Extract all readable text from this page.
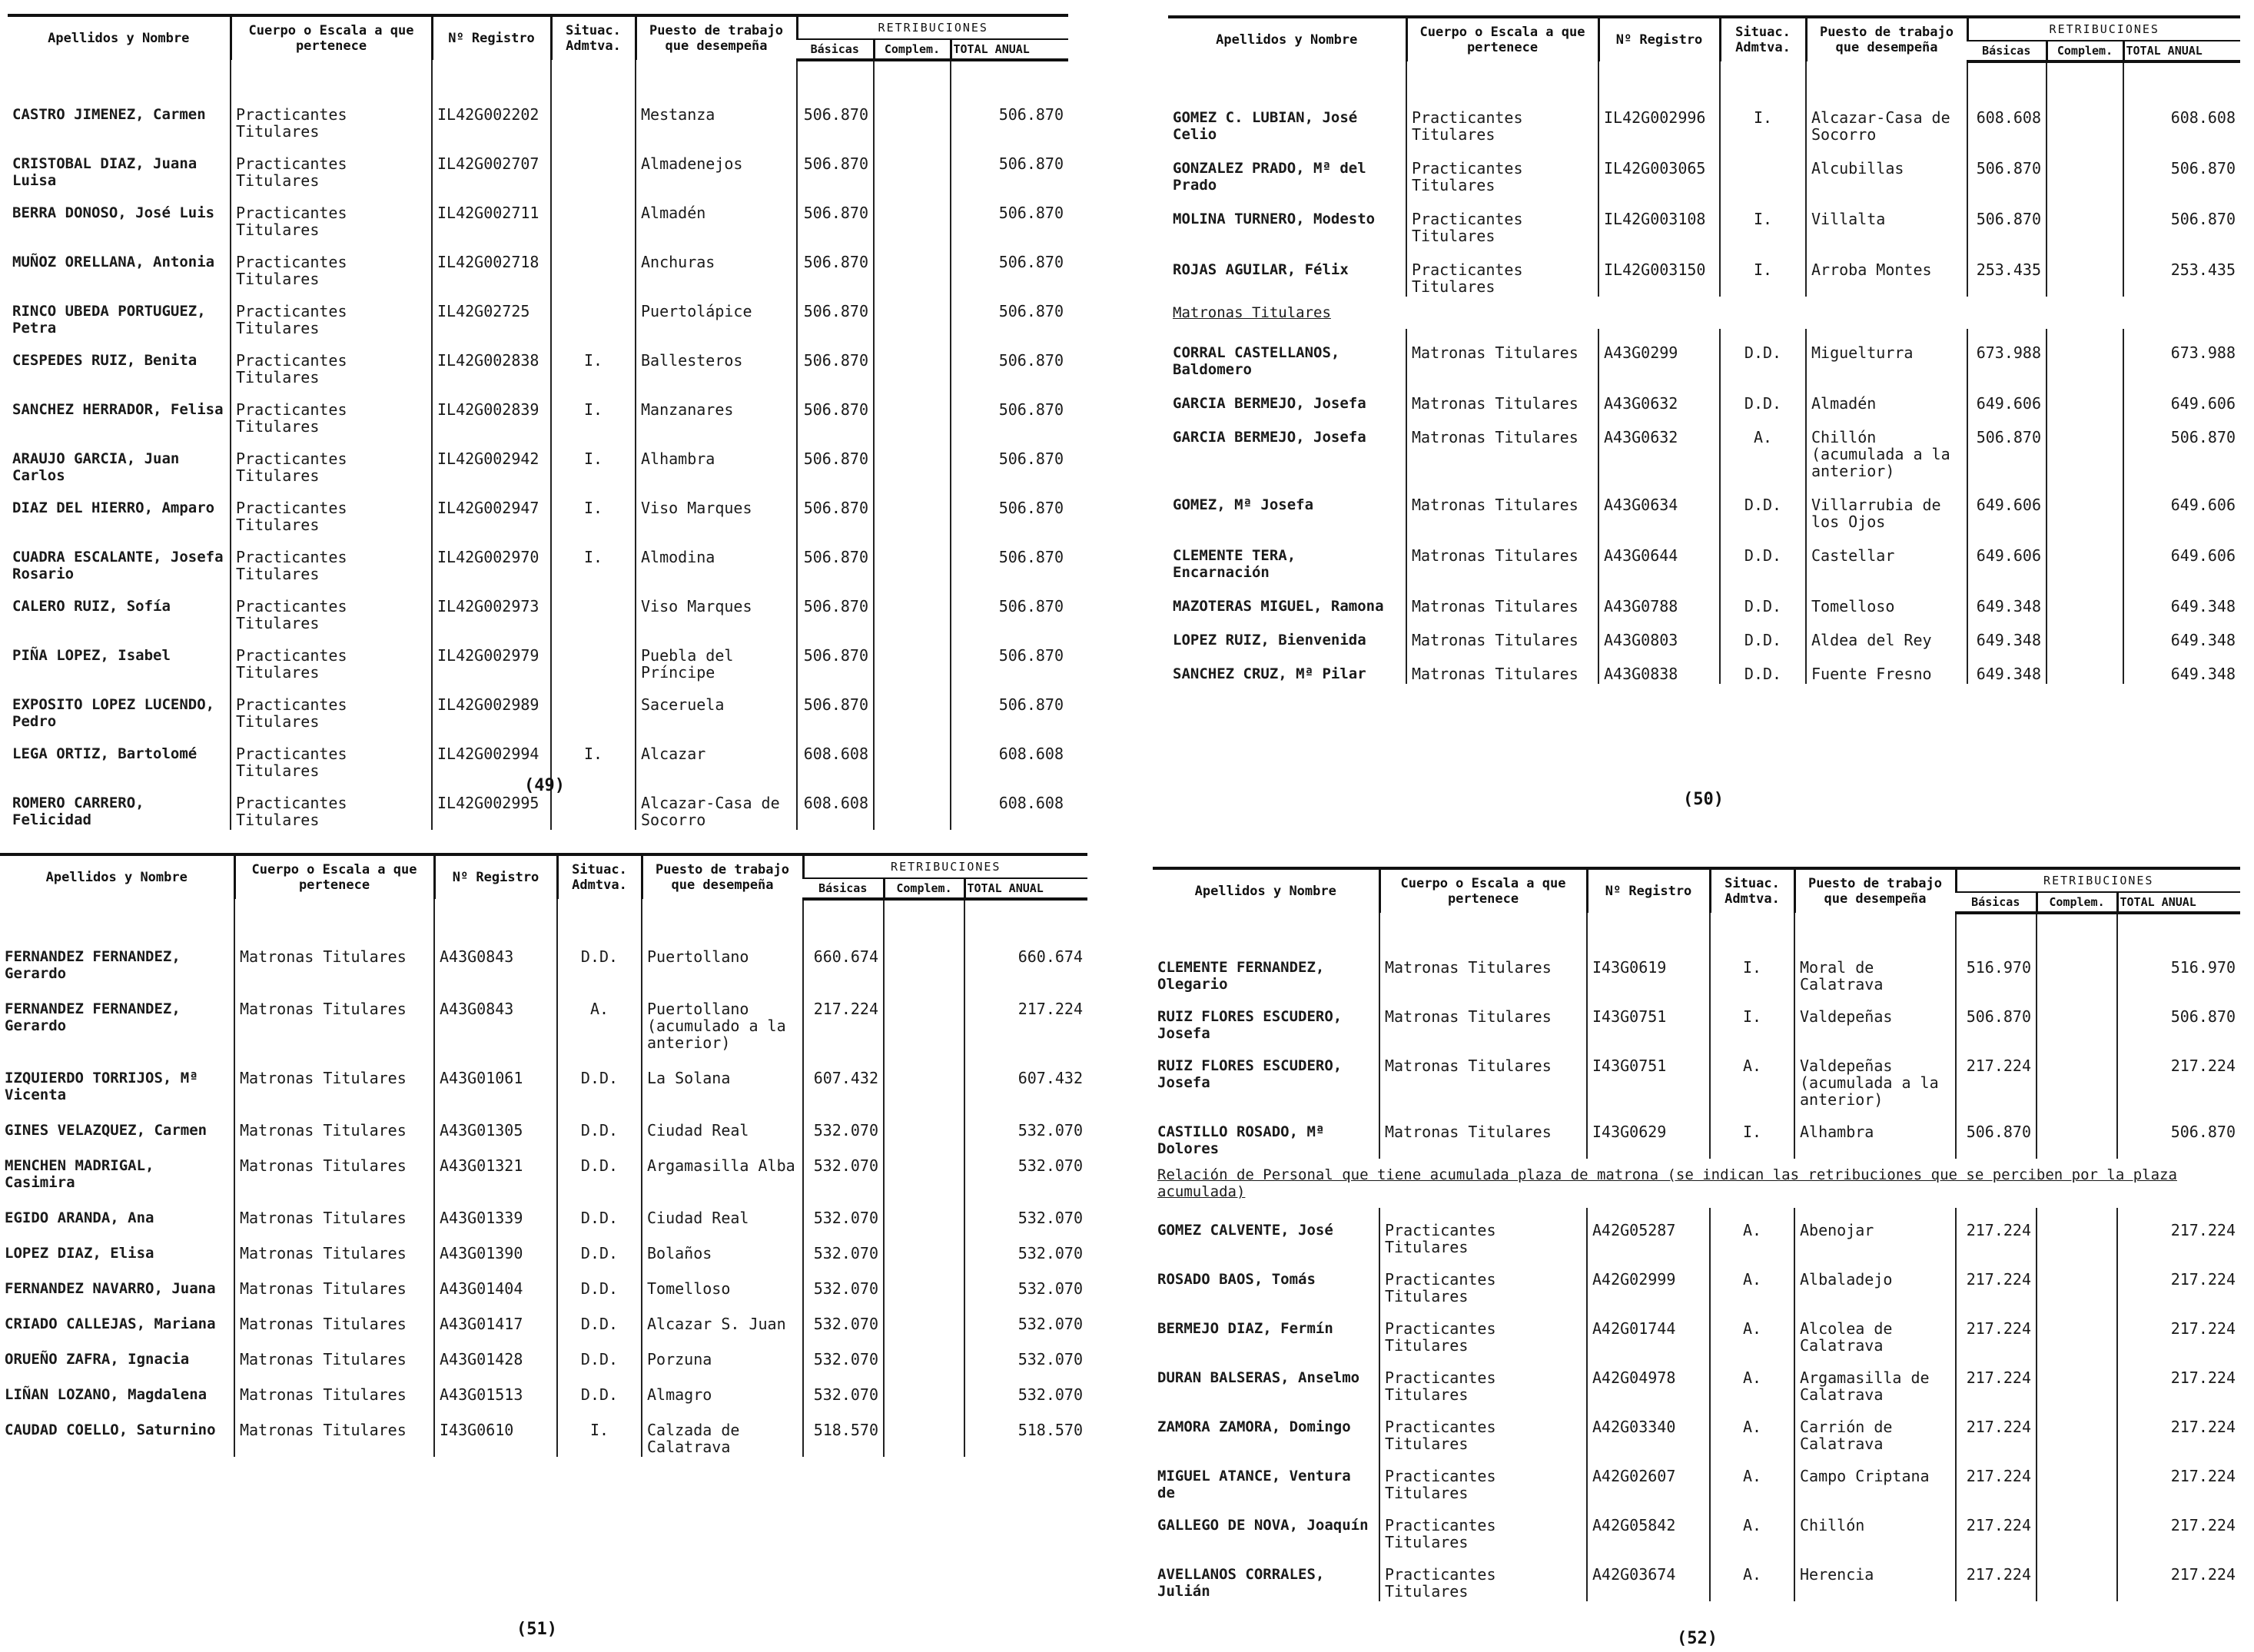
Apellidos y Nombre	Cuerpo o Escala a que pertenece	Nº Registro	Situac. Admtva.	Puesto de trabajo que desempeña	RETRIBUCIONES		
					Básicas	Complem.	TOTAL ANUAL

CASTRO JIMENEZ, Carmen	Practicantes Titulares	IL42G002202		Mestanza	506.870		506.870
CRISTOBAL DIAZ, Juana Luisa	Practicantes Titulares	IL42G002707		Almadenejos	506.870		506.870
BERRA DONOSO, José Luis	Practicantes Titulares	IL42G002711		Almadén	506.870		506.870
MUÑOZ ORELLANA, Antonia	Practicantes Titulares	IL42G002718		Anchuras	506.870		506.870
RINCO UBEDA PORTUGUEZ, Petra	Practicantes Titulares	IL42G02725		Puertolápice	506.870		506.870
CESPEDES RUIZ, Benita	Practicantes Titulares	IL42G002838	I.	Ballesteros	506.870		506.870
SANCHEZ HERRADOR, Felisa	Practicantes Titulares	IL42G002839	I.	Manzanares	506.870		506.870
ARAUJO GARCIA, Juan Carlos	Practicantes Titulares	IL42G002942	I.	Alhambra	506.870		506.870
DIAZ DEL HIERRO, Amparo	Practicantes Titulares	IL42G002947	I.	Viso Marques	506.870		506.870
CUADRA ESCALANTE, Josefa Rosario	Practicantes Titulares	IL42G002970	I.	Almodina	506.870		506.870
CALERO RUIZ, Sofía	Practicantes Titulares	IL42G002973		Viso Marques	506.870		506.870
PIÑA LOPEZ, Isabel	Practicantes Titulares	IL42G002979		Puebla del Príncipe	506.870		506.870
EXPOSITO LOPEZ LUCENDO, Pedro	Practicantes Titulares	IL42G002989		Saceruela	506.870		506.870
LEGA ORTIZ, Bartolomé	Practicantes Titulares	IL42G002994	I.	Alcazar	608.608		608.608
ROMERO CARRERO, Felicidad	Practicantes Titulares	IL42G002995		Alcazar-Casa de Socorro	608.608		608.608
(49)
Apellidos y Nombre	Cuerpo o Escala a que pertenece	Nº Registro	Situac. Admtva.	Puesto de trabajo que desempeña	RETRIBUCIONES		
					Básicas	Complem.	TOTAL ANUAL

GOMEZ C. LUBIAN, José Celio	Practicantes Titulares	IL42G002996	I.	Alcazar-Casa de Socorro	608.608		608.608
GONZALEZ PRADO, Mª del Prado	Practicantes Titulares	IL42G003065		Alcubillas	506.870		506.870
MOLINA TURNERO, Modesto	Practicantes Titulares	IL42G003108	I.	Villalta	506.870		506.870
ROJAS AGUILAR, Félix	Practicantes Titulares	IL42G003150	I.	Arroba Montes	253.435		253.435
Matronas Titulares							
CORRAL CASTELLANOS, Baldomero	Matronas Titulares	A43G0299	D.D.	Miguelturra	673.988		673.988
GARCIA BERMEJO, Josefa	Matronas Titulares	A43G0632	D.D.	Almadén	649.606		649.606
GARCIA BERMEJO, Josefa	Matronas Titulares	A43G0632	A.	Chillón (acumulada a la anterior)	506.870		506.870
GOMEZ, Mª Josefa	Matronas Titulares	A43G0634	D.D.	Villarrubia de los Ojos	649.606		649.606
CLEMENTE TERA, Encarnación	Matronas Titulares	A43G0644	D.D.	Castellar	649.606		649.606
MAZOTERAS MIGUEL, Ramona	Matronas Titulares	A43G0788	D.D.	Tomelloso	649.348		649.348
LOPEZ RUIZ, Bienvenida	Matronas Titulares	A43G0803	D.D.	Aldea del Rey	649.348		649.348
SANCHEZ CRUZ, Mª Pilar	Matronas Titulares	A43G0838	D.D.	Fuente Fresno	649.348		649.348
(50)
Apellidos y Nombre	Cuerpo o Escala a que pertenece	Nº Registro	Situac. Admtva.	Puesto de trabajo que desempeña	RETRIBUCIONES		
					Básicas	Complem.	TOTAL ANUAL

FERNANDEZ FERNANDEZ, Gerardo	Matronas Titulares	A43G0843	D.D.	Puertollano	660.674		660.674
FERNANDEZ FERNANDEZ, Gerardo	Matronas Titulares	A43G0843	A.	Puertollano (acumulado a la anterior)	217.224		217.224
IZQUIERDO TORRIJOS, Mª Vicenta	Matronas Titulares	A43G01061	D.D.	La Solana	607.432		607.432
GINES VELAZQUEZ, Carmen	Matronas Titulares	A43G01305	D.D.	Ciudad Real	532.070		532.070
MENCHEN MADRIGAL, Casimira	Matronas Titulares	A43G01321	D.D.	Argamasilla Alba	532.070		532.070
EGIDO ARANDA, Ana	Matronas Titulares	A43G01339	D.D.	Ciudad Real	532.070		532.070
LOPEZ DIAZ, Elisa	Matronas Titulares	A43G01390	D.D.	Bolaños	532.070		532.070
FERNANDEZ NAVARRO, Juana	Matronas Titulares	A43G01404	D.D.	Tomelloso	532.070		532.070
CRIADO CALLEJAS, Mariana	Matronas Titulares	A43G01417	D.D.	Alcazar S. Juan	532.070		532.070
ORUEÑO ZAFRA, Ignacia	Matronas Titulares	A43G01428	D.D.	Porzuna	532.070		532.070
LIÑAN LOZANO, Magdalena	Matronas Titulares	A43G01513	D.D.	Almagro	532.070		532.070
CAUDAD COELLO, Saturnino	Matronas Titulares	I43G0610	I.	Calzada de Calatrava	518.570		518.570
(51)
Apellidos y Nombre	Cuerpo o Escala a que pertenece	Nº Registro	Situac. Admtva.	Puesto de trabajo que desempeña	RETRIBUCIONES		
					Básicas	Complem.	TOTAL ANUAL

CLEMENTE FERNANDEZ, Olegario	Matronas Titulares	I43G0619	I.	Moral de Calatrava	516.970		516.970
RUIZ FLORES ESCUDERO, Josefa	Matronas Titulares	I43G0751	I.	Valdepeñas	506.870		506.870
RUIZ FLORES ESCUDERO, Josefa	Matronas Titulares	I43G0751	A.	Valdepeñas (acumulada a la anterior)	217.224		217.224
CASTILLO ROSADO, Mª Dolores	Matronas Titulares	I43G0629	I.	Alhambra	506.870		506.870
Relación de Personal que tiene acumulada plaza de matrona (se indican las retribuciones que se perciben por la plaza acumulada)							
GOMEZ CALVENTE, José	Practicantes Titulares	A42G05287	A.	Abenojar	217.224		217.224
ROSADO BAOS, Tomás	Practicantes Titulares	A42G02999	A.	Albaladejo	217.224		217.224
BERMEJO DIAZ, Fermín	Practicantes Titulares	A42G01744	A.	Alcolea de Calatrava	217.224		217.224
DURAN BALSERAS, Anselmo	Practicantes Titulares	A42G04978	A.	Argamasilla de Calatrava	217.224		217.224
ZAMORA ZAMORA, Domingo	Practicantes Titulares	A42G03340	A.	Carrión de Calatrava	217.224		217.224
MIGUEL ATANCE, Ventura de	Practicantes Titulares	A42G02607	A.	Campo Criptana	217.224		217.224
GALLEGO DE NOVA, Joaquín	Practicantes Titulares	A42G05842	A.	Chillón	217.224		217.224
AVELLANOS CORRALES, Julián	Practicantes Titulares	A42G03674	A.	Herencia	217.224		217.224
(52)
